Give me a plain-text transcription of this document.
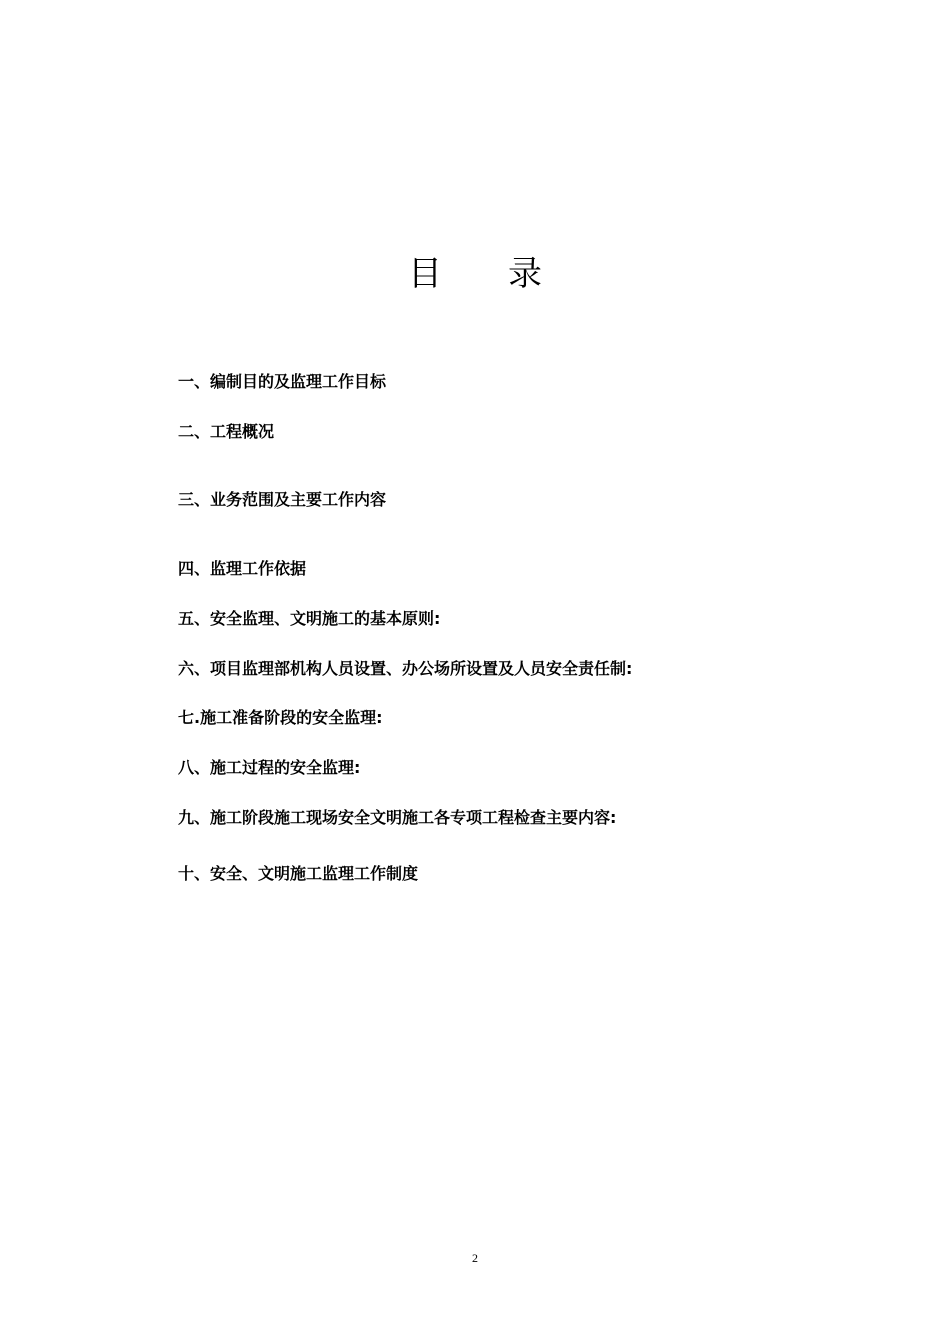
目 录
一、编制目的及监理工作目标
二、工程概况
三、业务范围及主要工作内容
四、监理工作依据
五、安全监理、文明施工的基本原则:
六、项目监理部机构人员设置、办公场所设置及人员安全责任制:
七.施工准备阶段的安全监理:
八、施工过程的安全监理:
九、施工阶段施工现场安全文明施工各专项工程检查主要内容:
十、安全、文明施工监理工作制度
2
